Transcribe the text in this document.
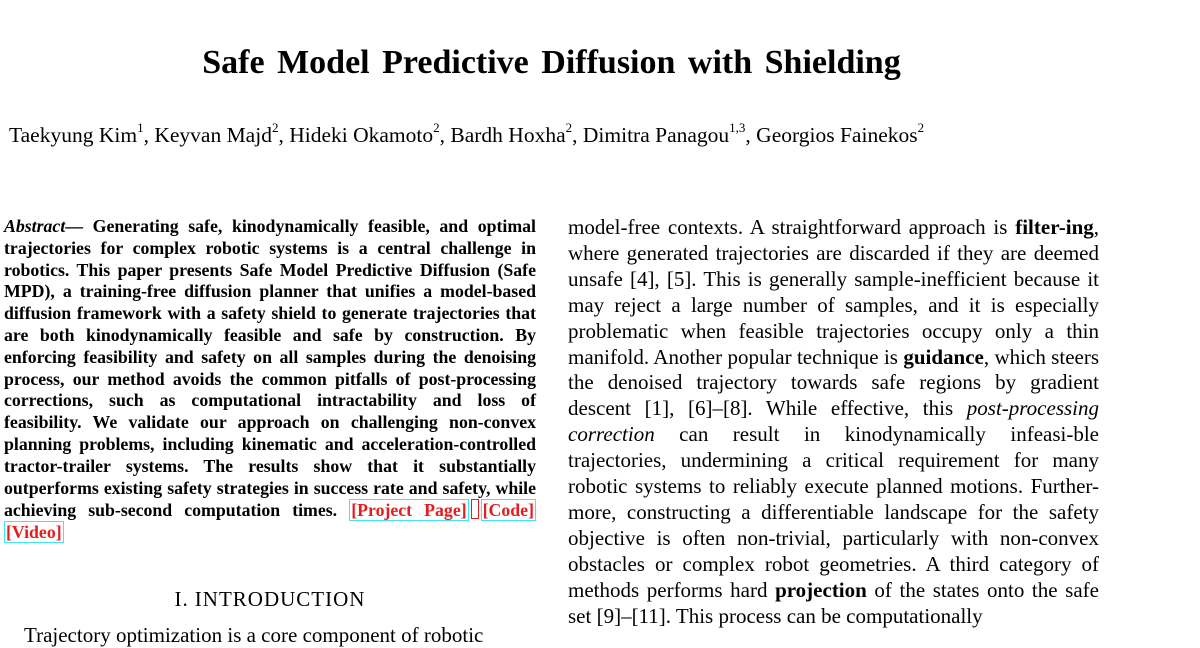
Safe Model Predictive Diffusion with Shielding
Taekyung Kim$^1$, Keyvan Majd$^2$, Hideki Okamoto$^2$, Bardh Hoxha$^2$, Dimitra Panagou$^{1,3}$, Georgios Fainekos$^2$
Abstract— Generating safe, kinodynamically feasible, and optimal trajectories for complex robotic systems is a central challenge in robotics. This paper presents Safe Model Predictive Diffusion (Safe MPD), a training-free diffusion planner that unifies a model-based diffusion framework with a safety shield to generate trajectories that are both kinodynamically feasible and safe by construction. By enforcing feasibility and safety on all samples during the denoising process, our method avoids the common pitfalls of post-processing corrections, such as computational intractability and loss of feasibility. We validate our approach on challenging non-convex planning problems, including kinematic and acceleration-controlled tractor-trailer systems. The results show that it substantially outperforms existing safety strategies in success rate and safety, while achieving sub-second computation times. [Project Page] [Code] [Video]
I. INTRODUCTION
Trajectory optimization is a core component of robotic
model-free contexts. A straightforward approach is filter-ing, where generated trajectories are discarded if they are deemed unsafe [4], [5]. This is generally sample-inefficient because it may reject a large number of samples, and it is especially problematic when feasible trajectories occupy only a thin manifold. Another popular technique is guidance, which steers the denoised trajectory towards safe regions by gradient descent [1], [6]–[8]. While effective, this post-processing correction can result in kinodynamically infeasi-ble trajectories, undermining a critical requirement for many robotic systems to reliably execute planned motions. Further-more, constructing a differentiable landscape for the safety objective is often non-trivial, particularly with non-convex obstacles or complex robot geometries. A third category of methods performs hard projection of the states onto the safe set [9]–[11]. This process can be computationally
